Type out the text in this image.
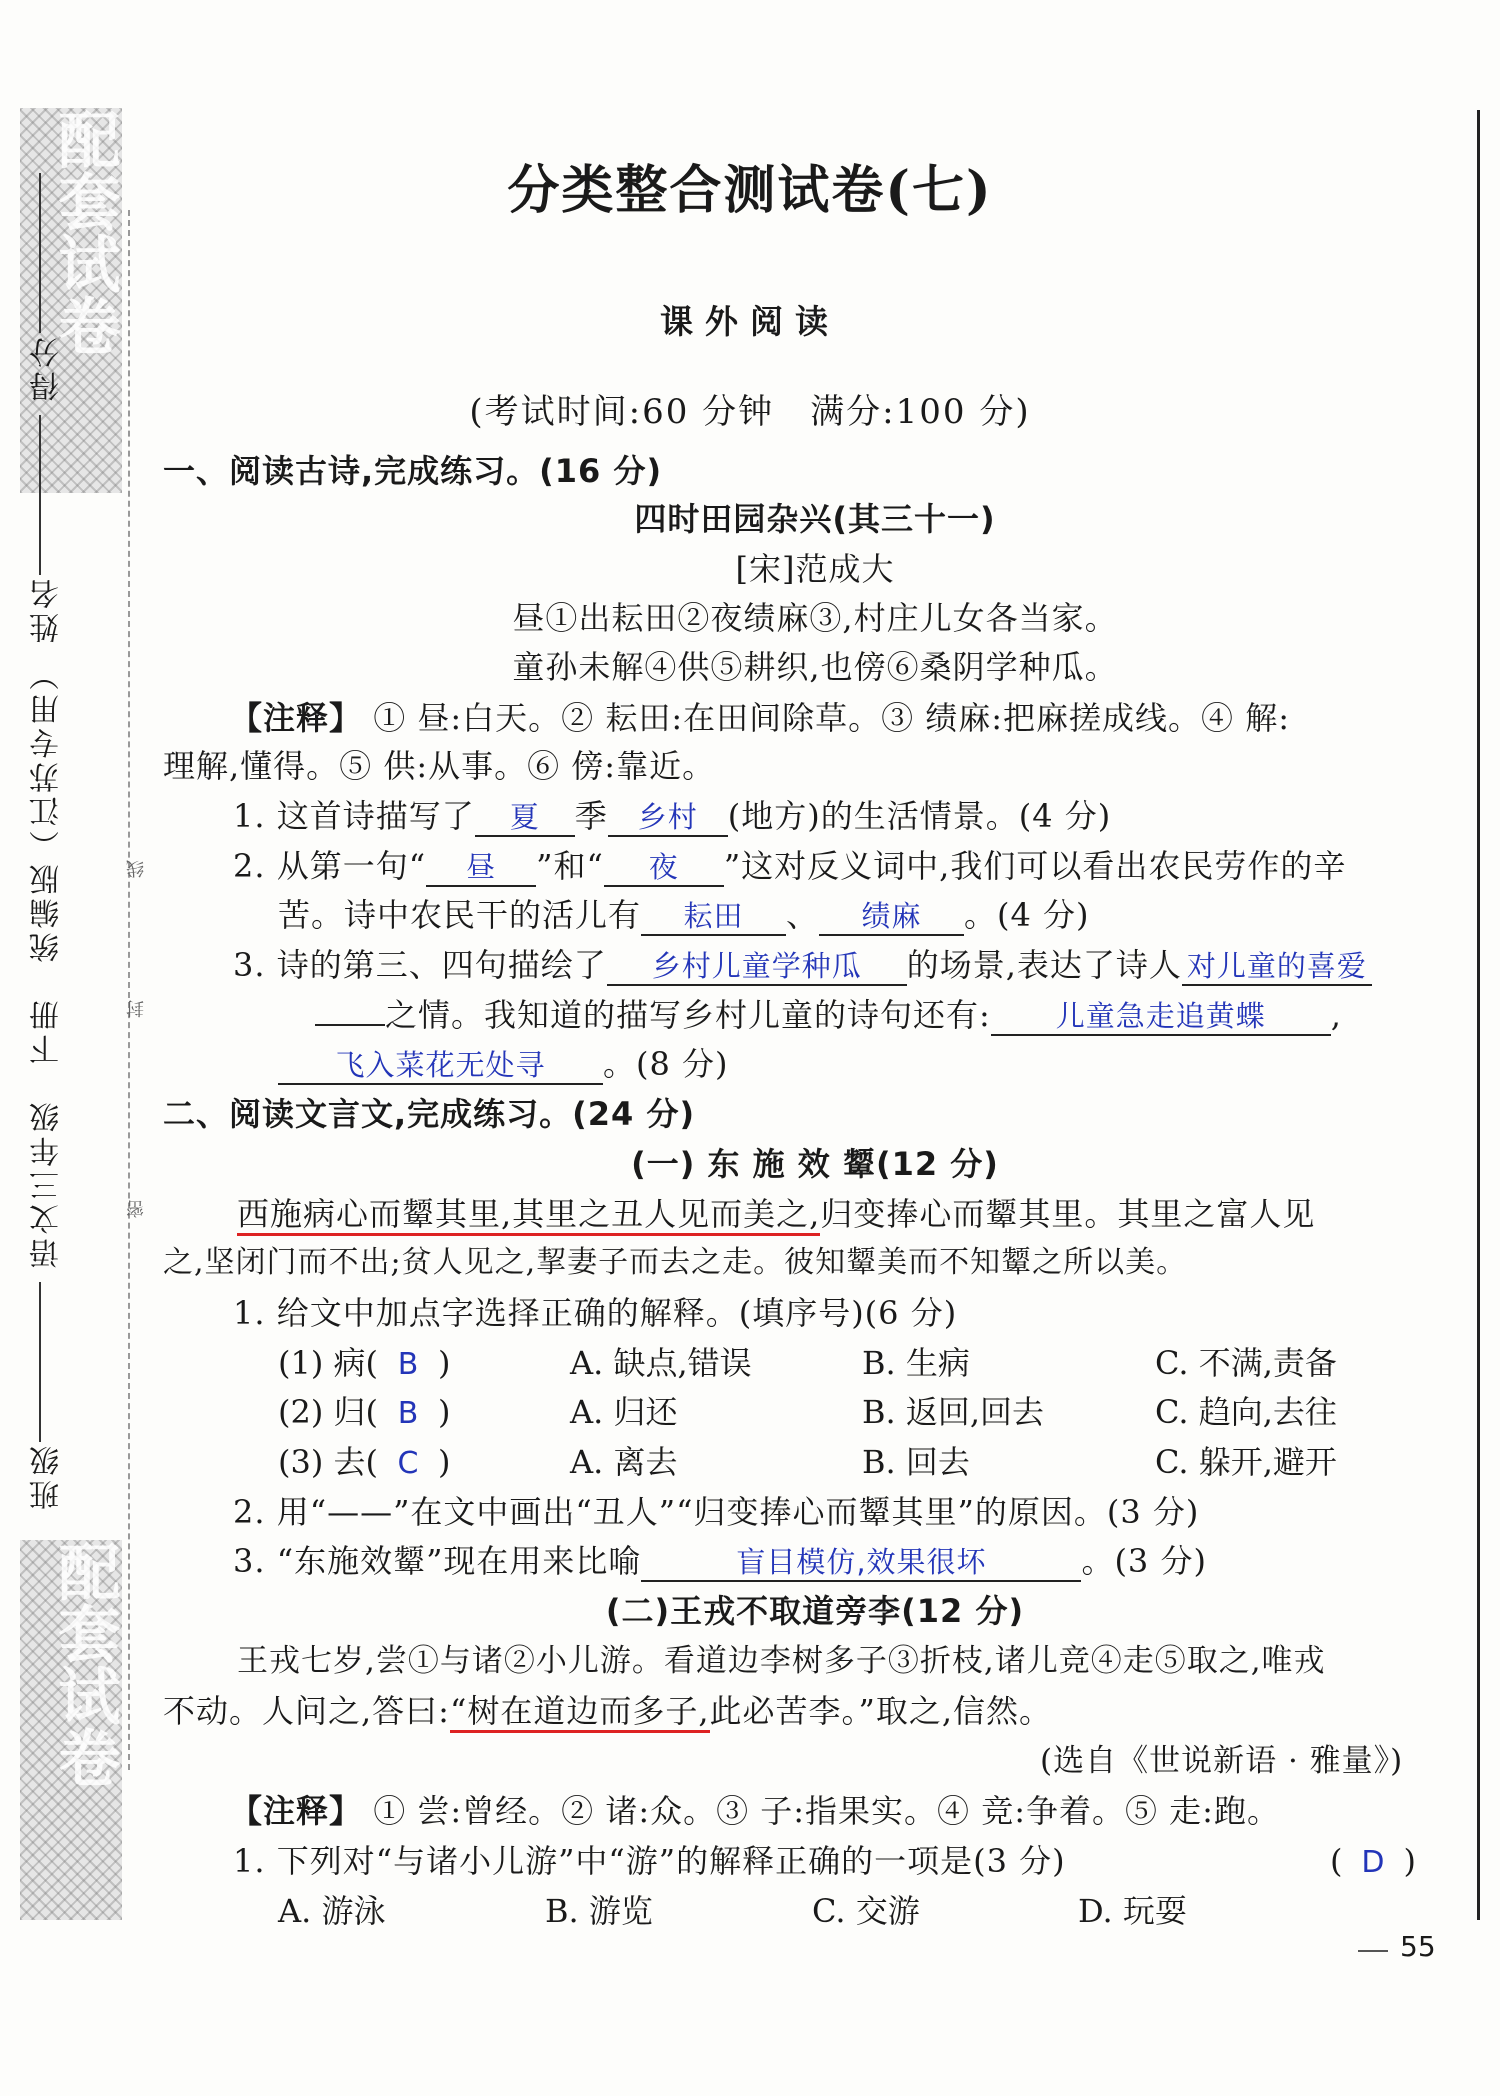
配套试卷
配套试卷
班级 语文三年级　下册　统编版（江苏专用） 姓名 得分
密
封
线
分类整合测试卷(七)
课外阅读
(考试时间:60 分钟　满分:100 分)
一、阅读古诗,完成练习。(16 分)
四时田园杂兴(其三十一)
[宋]范成大
昼①出耘田②夜绩麻③,村庄儿女各当家。
童孙未解④供⑤耕织,也傍⑥桑阴学种瓜。
【注释】 ① 昼:白天。② 耘田:在田间除草。③ 绩麻:把麻搓成线。④ 解:
理解,懂得。⑤ 供:从事。⑥ 傍:靠近。
1. 这首诗描写了 夏 季 乡村 (地方)的生活情景。(4 分)
2. 从第一句“ 昼 ”和“ 夜 ”这对反义词中,我们可以看出农民劳作的辛
苦。诗中农民干的活儿有 耘田 、 绩麻 。(4 分)
3. 诗的第三、四句描绘了 乡村儿童学种瓜 的场景,表达了诗人 对儿童的喜爱
之情。我知道的描写乡村儿童的诗句还有: 儿童急走追黄蝶 ,
飞入菜花无处寻 。(8 分)
二、阅读文言文,完成练习。(24 分)
(一) 东 施 效 颦(12 分)
西施病心而颦其里,其里之丑人见而美之,归变捧心而颦其里。其里之富人见
之,坚闭门而不出;贫人见之,挈妻子而去之走。彼知颦美而不知颦之所以美。
1. 给文中加点字选择正确的解释。(填序号)(6 分)
(1) 病( B )	A. 缺点,错误	B. 生病	C. 不满,责备
(2) 归( B )	A. 归还	B. 返回,回去	C. 趋向,去往
(3) 去( C )	A. 离去	B. 回去	C. 躲开,避开
2. 用“——”在文中画出“丑人”“归变捧心而颦其里”的原因。(3 分)
3. “东施效颦”现在用来比喻	盲目模仿,效果很坏	。(3 分)
(二)王戎不取道旁李(12 分)
王戎七岁,尝①与诸②小儿游。看道边李树多子③折枝,诸儿竞④走⑤取之,唯戎
不动。人问之,答曰:“树在道边而多子,此必苦李。”取之,信然。
(选自《世说新语 · 雅量》)
【注释】 ① 尝:曾经。② 诸:众。③ 子:指果实。④ 竞:争着。⑤ 走:跑。
1. 下列对“与诸小儿游”中“游”的解释正确的一项是(3 分)	( D )
A. 游泳	B. 游览	C. 交游	D. 玩耍
55
